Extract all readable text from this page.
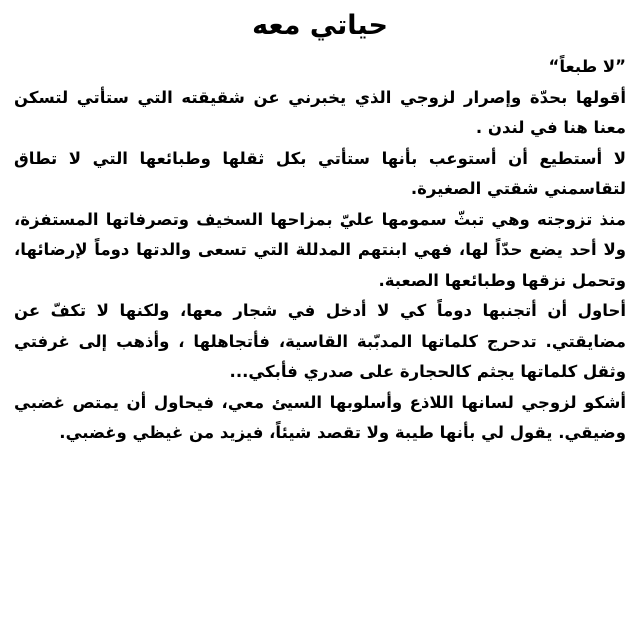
حياتي معه

”لا طبعاً“

أقولها بحدّة وإصرار لزوجي الذي يخبرني عن شقيقته التي ستأتي لتسكن معنا هنا في لندن .

لا أستطيع أن أستوعب بأنها ستأتي بكل ثقلها وطبائعها التي لا تطاق لتقاسمني شقتي الصغيرة.

منذ تزوجته وهي تبثّ سمومها عليّ بمزاحها السخيف وتصرفاتها المستفزة، ولا أحد يضع حدّاً لها، فهي ابنتهم المدللة التي تسعى والدتها دوماً لإرضائها، وتحمل نزقها وطبائعها الصعبة.

أحاول أن أتجنبها دوماً كي لا أدخل في شجار معها، ولكنها لا تكفّ عن مضايقتي. تدحرج كلماتها المدبّبة القاسية، فأتجاهلها ، وأذهب إلى غرفتي وثقل كلماتها يجثم كالحجارة على صدري فأبكي...

أشكو لزوجي لسانها اللاذع وأسلوبها السيئ معي، فيحاول أن يمتص غضبي وضيقي. يقول لي بأنها طيبة ولا تقصد شيئاً، فيزيد من غيظي وغضبي.
